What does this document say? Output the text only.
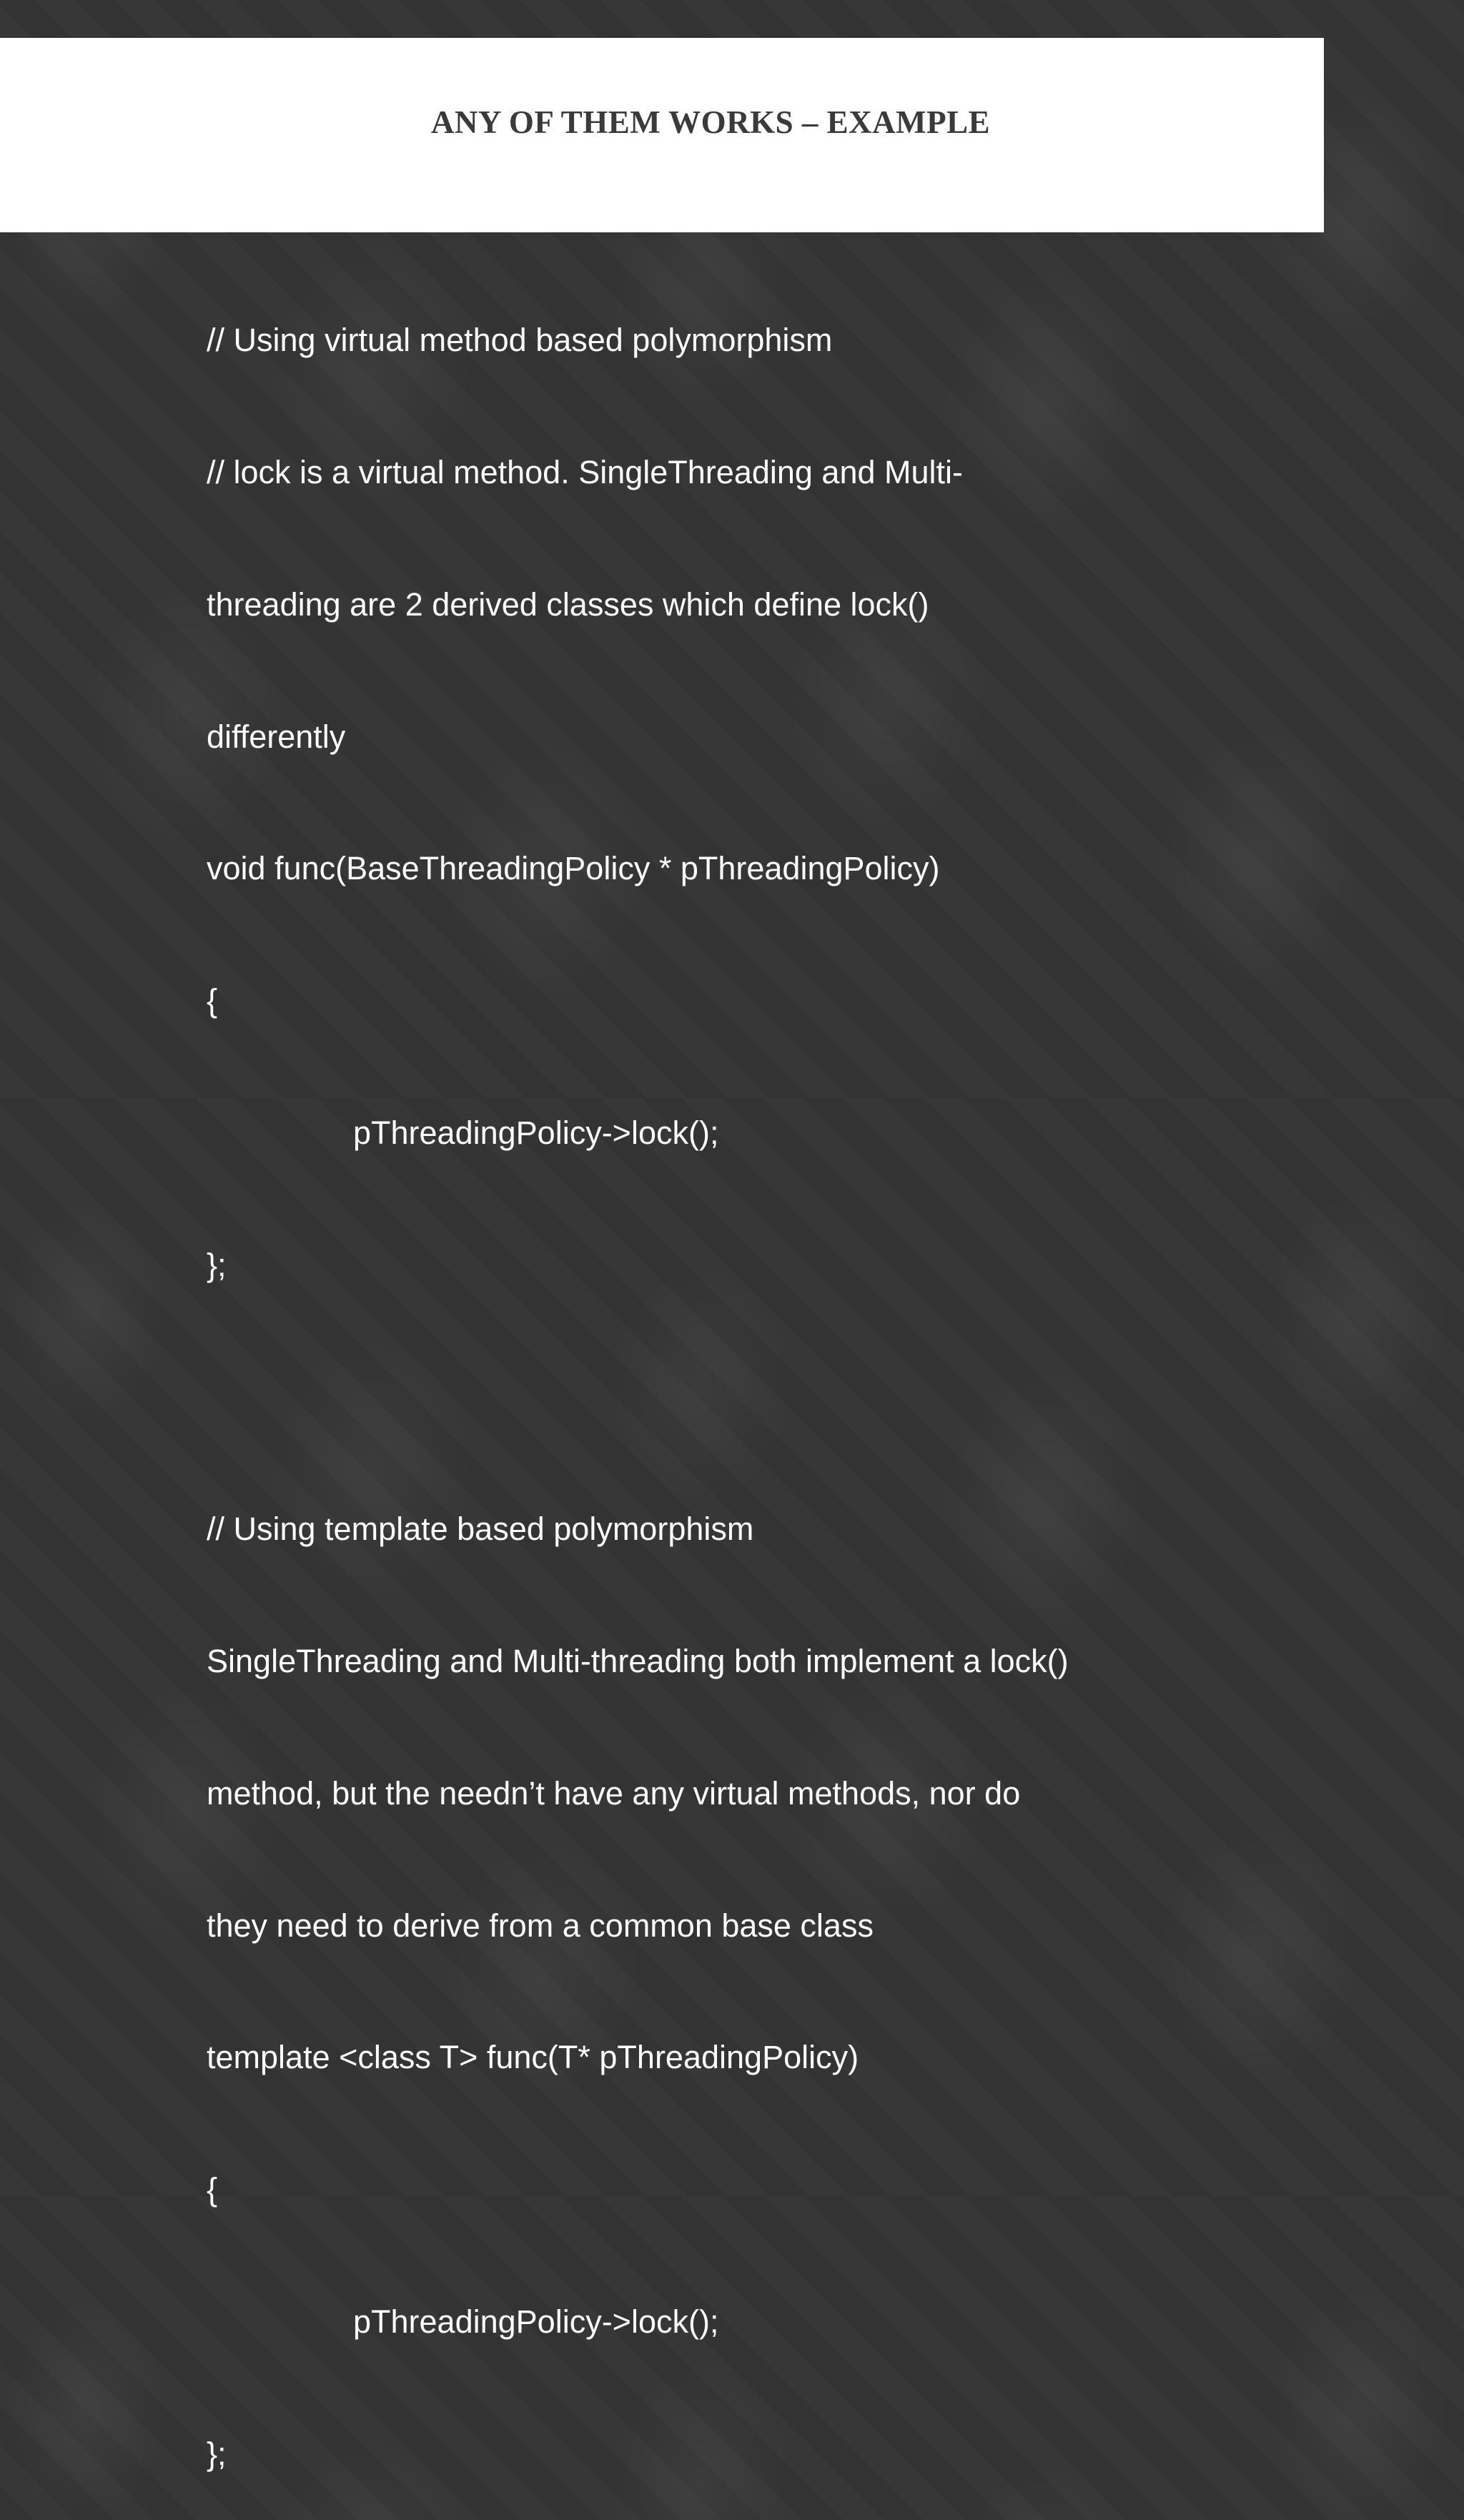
ANY OF THEM WORKS – EXAMPLE

// Using virtual method based polymorphism

// lock is a virtual method. SingleThreading and Multi-

threading are 2 derived classes which define lock()

differently

void func(BaseThreadingPolicy * pThreadingPolicy)

{

pThreadingPolicy->lock();

};

// Using template based polymorphism

SingleThreading and Multi-threading both implement a lock()

method, but the needn’t have any virtual methods, nor do

they need to derive from a common base class

template <class T> func(T* pThreadingPolicy)

{

pThreadingPolicy->lock();

};
